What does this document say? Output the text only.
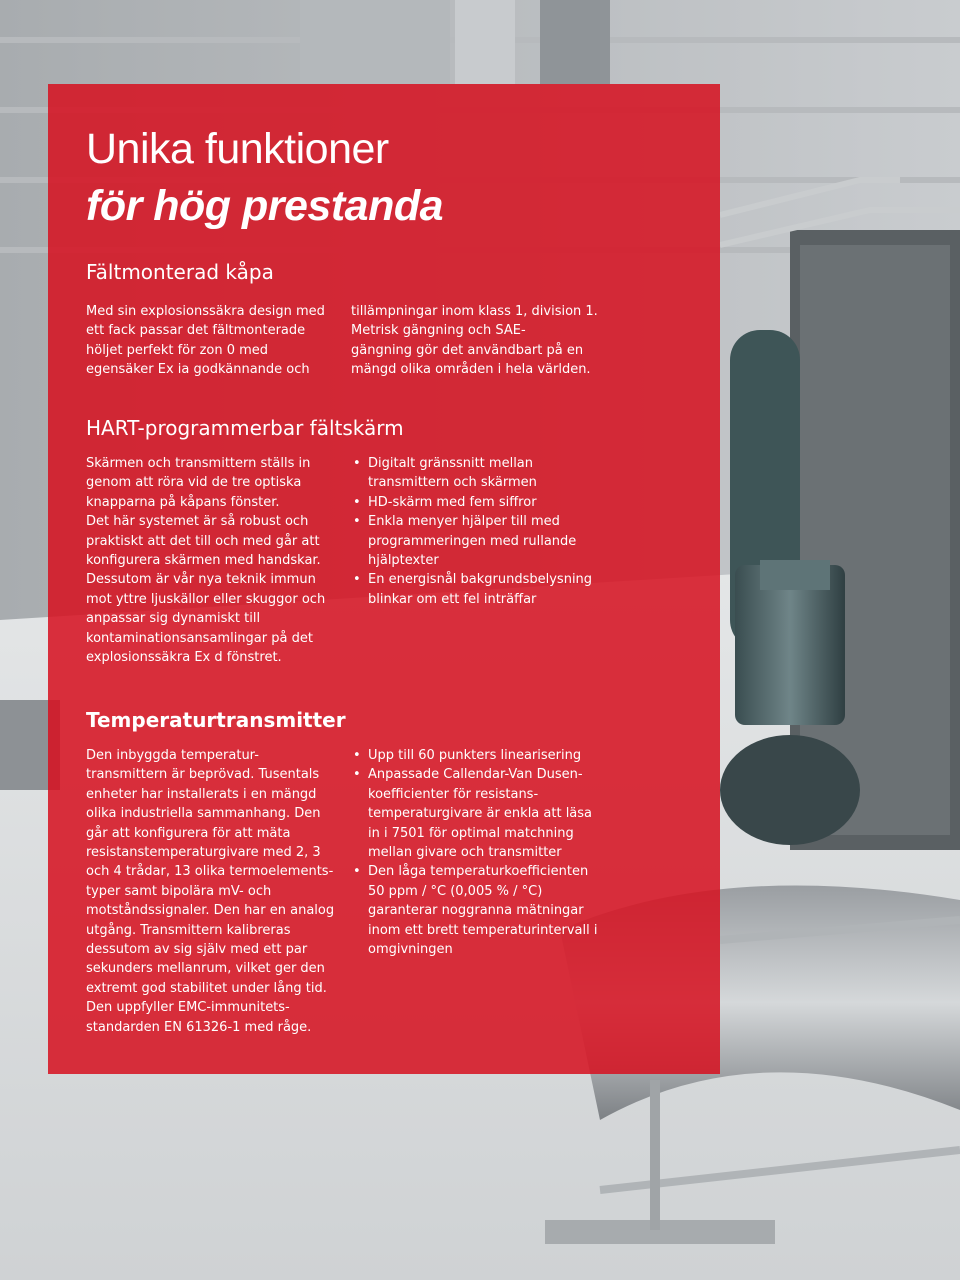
Unika funktioner
för hög prestanda
Fältmonterad kåpa

Med sin explosionssäkra design med
ett fack passar det fältmonterade
höljet perfekt för zon 0 med
egensäker Ex ia godkännande och

tillämpningar inom klass 1, division 1.
Metrisk gängning och SAE-
gängning gör det användbart på en
mängd olika områden i hela världen.

HART-programmerbar fältskärm

Skärmen och transmittern ställs in
genom att röra vid de tre optiska
knapparna på kåpans fönster.
Det här systemet är så robust och
praktiskt att det till och med går att
konfigurera skärmen med handskar.
Dessutom är vår nya teknik immun
mot yttre ljuskällor eller skuggor och
anpassar sig dynamiskt till
kontaminationsansamlingar på det
explosionssäkra Ex d fönstret.

• Digitalt gränssnitt mellan
transmittern och skärmen
• HD-skärm med fem siffror
• Enkla menyer hjälper till med
programmeringen med rullande
hjälptexter
• En energisnål bakgrundsbelysning
blinkar om ett fel inträffar
Temperaturtransmitter

Den inbyggda temperatur-
transmittern är beprövad. Tusentals
enheter har installerats i en mängd
olika industriella sammanhang. Den
går att konfigurera för att mäta
resistanstemperaturgivare med 2, 3
och 4 trådar, 13 olika termoelements-
typer samt bipolära mV- och
motståndssignaler. Den har en analog
utgång. Transmittern kalibreras
dessutom av sig själv med ett par
sekunders mellanrum, vilket ger den
extremt god stabilitet under lång tid.
Den uppfyller EMC-immunitets-
standarden EN 61326-1 med råge.

• Upp till 60 punkters linearisering
• Anpassade Callendar-Van Dusen-
koefficienter för resistans-
temperaturgivare är enkla att läsa
in i 7501 för optimal matchning
mellan givare och transmitter
• Den låga temperaturkoefficienten
50 ppm / °C (0,005 % / °C)
garanterar noggranna mätningar
inom ett brett temperaturintervall i
omgivningen
